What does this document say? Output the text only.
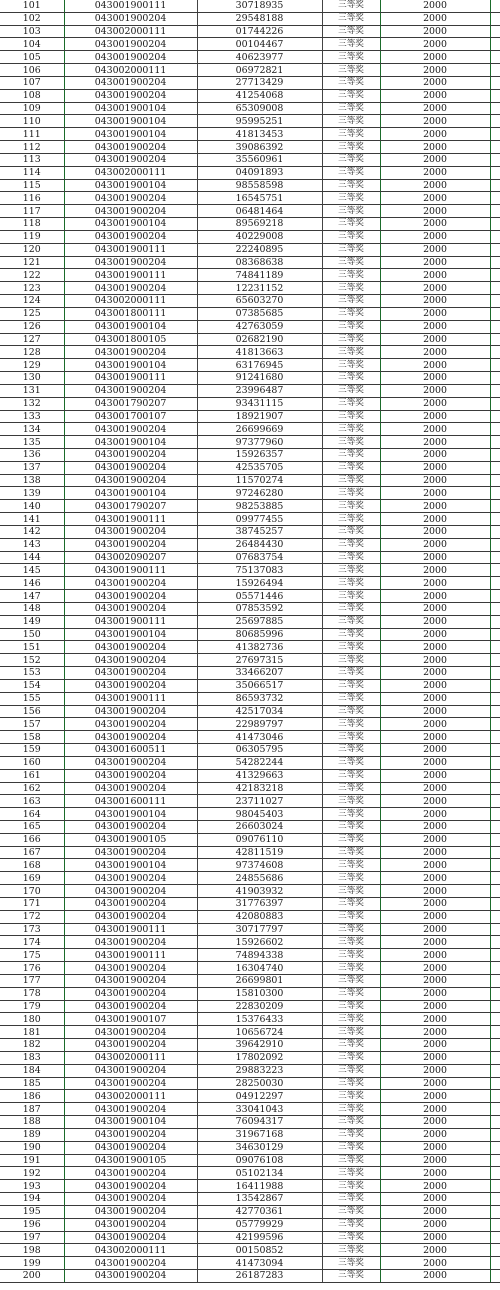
101	043001900111	30718935	三等奖	2000	
102	043001900204	29548188	三等奖	2000	
103	043002000111	01744226	三等奖	2000	
104	043001900204	00104467	三等奖	2000	
105	043001900204	40623977	三等奖	2000	
106	043002000111	06972821	三等奖	2000	
107	043001900204	27713429	三等奖	2000	
108	043001900204	41254068	三等奖	2000	
109	043001900104	65309008	三等奖	2000	
110	043001900104	95995251	三等奖	2000	
111	043001900104	41813453	三等奖	2000	
112	043001900204	39086392	三等奖	2000	
113	043001900204	35560961	三等奖	2000	
114	043002000111	04091893	三等奖	2000	
115	043001900104	98558598	三等奖	2000	
116	043001900204	16545751	三等奖	2000	
117	043001900204	06481464	三等奖	2000	
118	043001900104	89569218	三等奖	2000	
119	043001900204	40229008	三等奖	2000	
120	043001900111	22240895	三等奖	2000	
121	043001900204	08368638	三等奖	2000	
122	043001900111	74841189	三等奖	2000	
123	043001900204	12231152	三等奖	2000	
124	043002000111	65603270	三等奖	2000	
125	043001800111	07385685	三等奖	2000	
126	043001900104	42763059	三等奖	2000	
127	043001800105	02682190	三等奖	2000	
128	043001900204	41813663	三等奖	2000	
129	043001900104	63176945	三等奖	2000	
130	043001900111	91241680	三等奖	2000	
131	043001900204	23996487	三等奖	2000	
132	043001790207	93431115	三等奖	2000	
133	043001700107	18921907	三等奖	2000	
134	043001900204	26699669	三等奖	2000	
135	043001900104	97377960	三等奖	2000	
136	043001900204	15926357	三等奖	2000	
137	043001900204	42535705	三等奖	2000	
138	043001900204	11570274	三等奖	2000	
139	043001900104	97246280	三等奖	2000	
140	043001790207	98253885	三等奖	2000	
141	043001900111	09977455	三等奖	2000	
142	043001900204	38745257	三等奖	2000	
143	043001900204	26484430	三等奖	2000	
144	043002090207	07683754	三等奖	2000	
145	043001900111	75137083	三等奖	2000	
146	043001900204	15926494	三等奖	2000	
147	043001900204	05571446	三等奖	2000	
148	043001900204	07853592	三等奖	2000	
149	043001900111	25697885	三等奖	2000	
150	043001900104	80685996	三等奖	2000	
151	043001900204	41382736	三等奖	2000	
152	043001900204	27697315	三等奖	2000	
153	043001900204	33466207	三等奖	2000	
154	043001900204	35066517	三等奖	2000	
155	043001900111	86593732	三等奖	2000	
156	043001900204	42517034	三等奖	2000	
157	043001900204	22989797	三等奖	2000	
158	043001900204	41473046	三等奖	2000	
159	043001600511	06305795	三等奖	2000	
160	043001900204	54282244	三等奖	2000	
161	043001900204	41329663	三等奖	2000	
162	043001900204	42183218	三等奖	2000	
163	043001600111	23711027	三等奖	2000	
164	043001900104	98045403	三等奖	2000	
165	043001900204	26603024	三等奖	2000	
166	043001900105	09076110	三等奖	2000	
167	043001900204	42811519	三等奖	2000	
168	043001900104	97374608	三等奖	2000	
169	043001900204	24855686	三等奖	2000	
170	043001900204	41903932	三等奖	2000	
171	043001900204	31776397	三等奖	2000	
172	043001900204	42080883	三等奖	2000	
173	043001900111	30717797	三等奖	2000	
174	043001900204	15926602	三等奖	2000	
175	043001900111	74894338	三等奖	2000	
176	043001900204	16304740	三等奖	2000	
177	043001900204	26699801	三等奖	2000	
178	043001900204	15810300	三等奖	2000	
179	043001900204	22830209	三等奖	2000	
180	043001900107	15376433	三等奖	2000	
181	043001900204	10656724	三等奖	2000	
182	043001900204	39642910	三等奖	2000	
183	043002000111	17802092	三等奖	2000	
184	043001900204	29883223	三等奖	2000	
185	043001900204	28250030	三等奖	2000	
186	043002000111	04912297	三等奖	2000	
187	043001900204	33041043	三等奖	2000	
188	043001900104	76094317	三等奖	2000	
189	043001900204	31967168	三等奖	2000	
190	043001900204	34630129	三等奖	2000	
191	043001900105	09076108	三等奖	2000	
192	043001900204	05102134	三等奖	2000	
193	043001900204	16411988	三等奖	2000	
194	043001900204	13542867	三等奖	2000	
195	043001900204	42770361	三等奖	2000	
196	043001900204	05779929	三等奖	2000	
197	043001900204	42199596	三等奖	2000	
198	043002000111	00150852	三等奖	2000	
199	043001900204	41473094	三等奖	2000	
200	043001900204	26187283	三等奖	2000	
